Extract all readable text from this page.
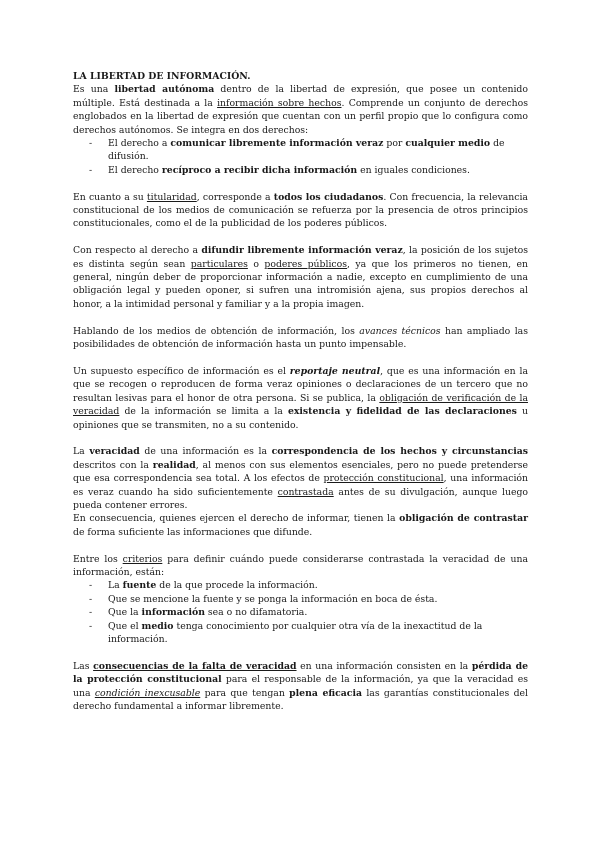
LA LIBERTAD DE INFORMACIÓN.

Es una libertad autónoma dentro de la libertad de expresión, que posee un contenido múltiple. Está destinada a la información sobre hechos. Comprende un conjunto de derechos englobados en la libertad de expresión que cuentan con un perfil propio que lo configura como derechos autónomos. Se integra en dos derechos:

- El derecho a comunicar libremente información veraz por cualquier medio de difusión.
- El derecho recíproco a recibir dicha información en iguales condiciones.

En cuanto a su titularidad, corresponde a todos los ciudadanos. Con frecuencia, la relevancia constitucional de los medios de comunicación se refuerza por la presencia de otros principios constitucionales, como el de la publicidad de los poderes públicos.

Con respecto al derecho a difundir libremente información veraz, la posición de los sujetos es distinta según sean particulares o poderes públicos, ya que los primeros no tienen, en general, ningún deber de proporcionar información a nadie, excepto en cumplimiento de una obligación legal y pueden oponer, si sufren una intromisión ajena, sus propios derechos al honor, a la intimidad personal y familiar y a la propia imagen.

Hablando de los medios de obtención de información, los avances técnicos han ampliado las posibilidades de obtención de información hasta un punto impensable.

Un supuesto específico de información es el reportaje neutral, que es una información en la que se recogen o reproducen de forma veraz opiniones o declaraciones de un tercero que no resultan lesivas para el honor de otra persona. Si se publica, la obligación de verificación de la veracidad de la información se limita a la existencia y fidelidad de las declaraciones u opiniones que se transmiten, no a su contenido.

La veracidad de una información es la correspondencia de los hechos y circunstancias descritos con la realidad, al menos con sus elementos esenciales, pero no puede pretenderse que esa correspondencia sea total. A los efectos de protección constitucional, una información es veraz cuando ha sido suficientemente contrastada antes de su divulgación, aunque luego pueda contener errores.

En consecuencia, quienes ejercen el derecho de informar, tienen la obligación de contrastar de forma suficiente las informaciones que difunde.

Entre los criterios para definir cuándo puede considerarse contrastada la veracidad de una información, están:

- La fuente de la que procede la información.
- Que se mencione la fuente y se ponga la información en boca de ésta.
- Que la información sea o no difamatoria.
- Que el medio tenga conocimiento por cualquier otra vía de la inexactitud de la información.

Las consecuencias de la falta de veracidad en una información consisten en la pérdida de la protección constitucional para el responsable de la información, ya que la veracidad es una condición inexcusable para que tengan plena eficacia las garantías constitucionales del derecho fundamental a informar libremente.
